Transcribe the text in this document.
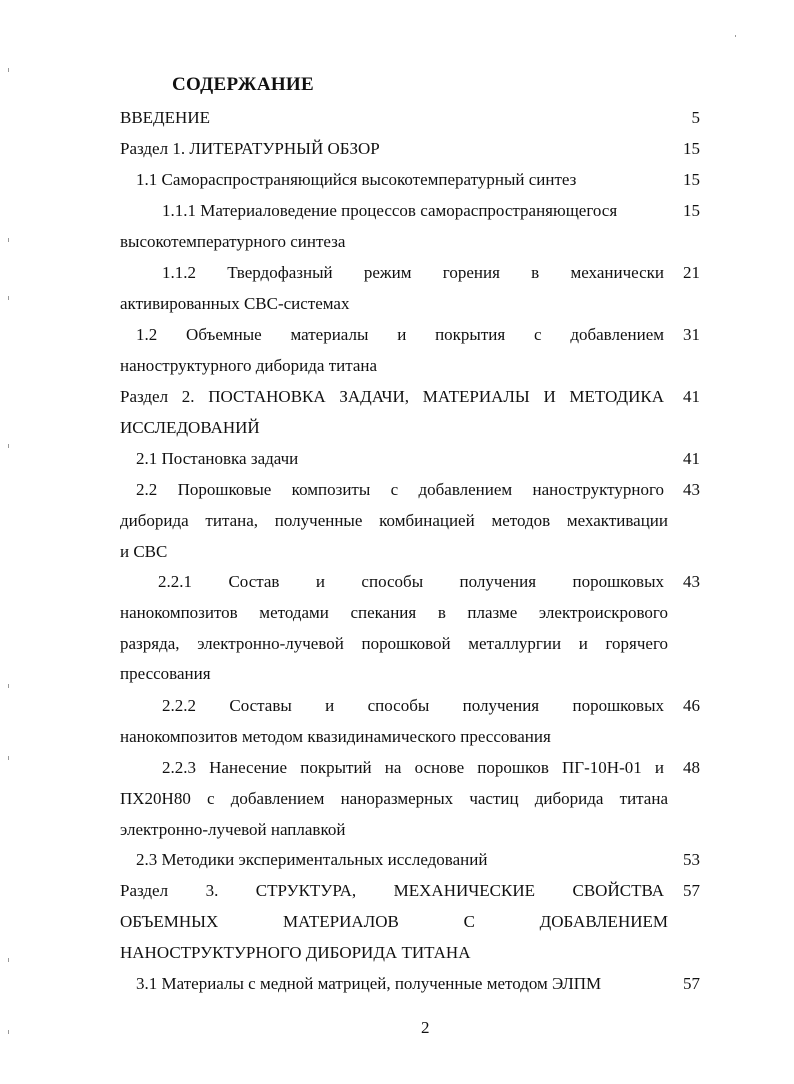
СОДЕРЖАНИЕ
ВВЕДЕНИЕ	5
Раздел 1. ЛИТЕРАТУРНЫЙ ОБЗОР	15
1.1 Самораспространяющийся высокотемпературный синтез	15
1.1.1 Материаловедение процессов самораспространяющегося	15
высокотемпературного синтеза
1.1.2 Твердофазный режим горения в механически	21
активированных СВС-системах
1.2 Объемные материалы и покрытия с добавлением	31
наноструктурного диборида титана
Раздел 2. ПОСТАНОВКА ЗАДАЧИ, МАТЕРИАЛЫ И МЕТОДИКА	41
ИССЛЕДОВАНИЙ
2.1 Постановка задачи	41
2.2 Порошковые композиты с добавлением наноструктурного	43
диборида титана, полученные комбинацией методов мехактивации
и СВС
2.2.1 Состав и способы получения порошковых	43
нанокомпозитов методами спекания в плазме электроискрового
разряда, электронно-лучевой порошковой металлургии и горячего
прессования
2.2.2 Составы и способы получения порошковых	46
нанокомпозитов методом квазидинамического прессования
2.2.3 Нанесение покрытий на основе порошков ПГ-10Н-01 и	48
ПХ20Н80 с добавлением наноразмерных частиц диборида титана
электронно-лучевой наплавкой
2.3 Методики экспериментальных исследований	53
Раздел 3. СТРУКТУРА, МЕХАНИЧЕСКИЕ СВОЙСТВА	57
ОБЪЕМНЫХ МАТЕРИАЛОВ С ДОБАВЛЕНИЕМ
НАНОСТРУКТУРНОГО ДИБОРИДА ТИТАНА
3.1 Материалы с медной матрицей, полученные методом ЭЛПМ	57
2
